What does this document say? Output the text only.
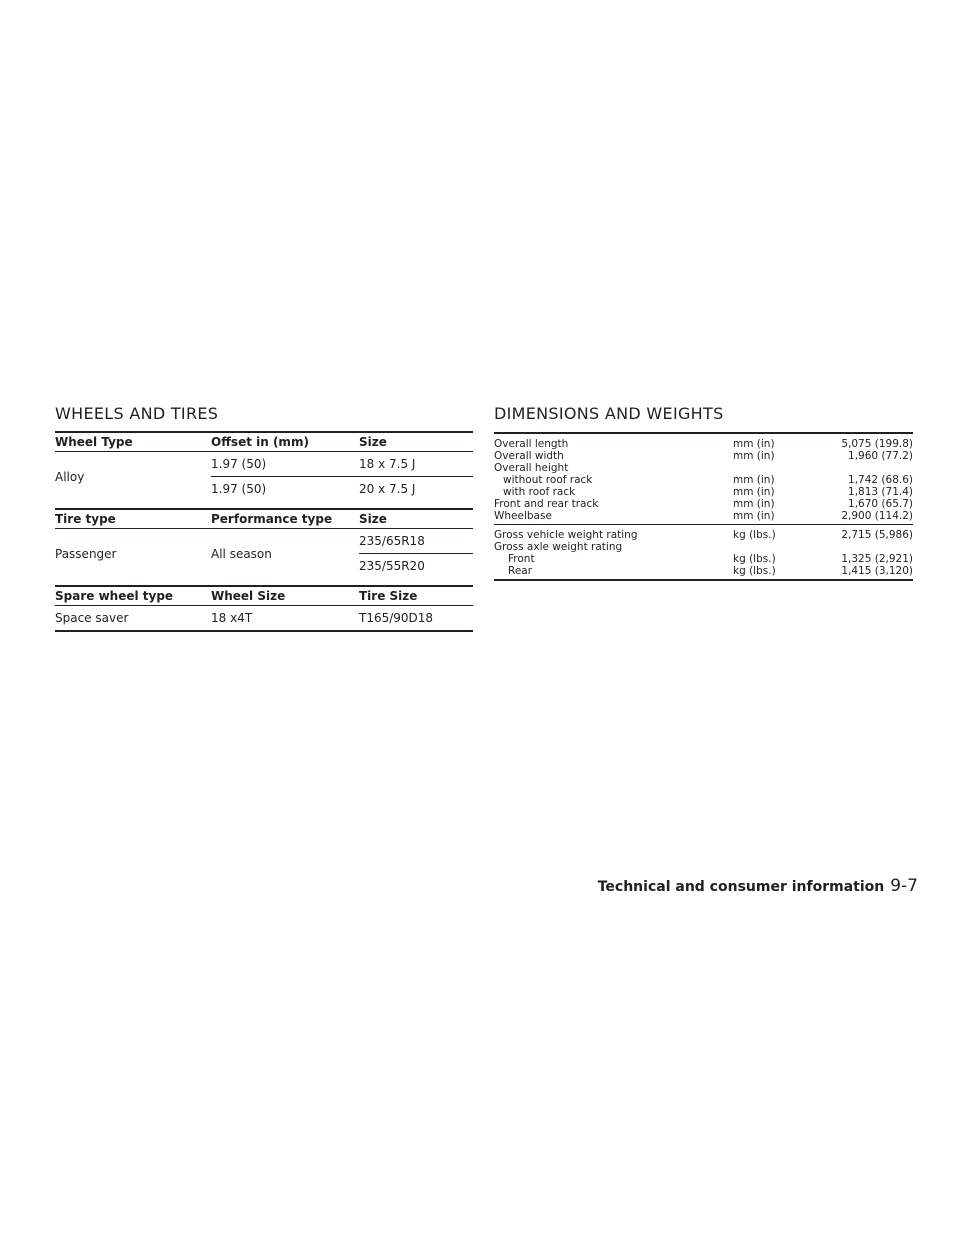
WHEELS AND TIRES	DIMENSIONS AND WEIGHTS
Wheel Type	Offset in (mm)	Size
Alloy	1.97 (50)	18 x 7.5 J
	1.97 (50)	20 x 7.5 J

Tire type	Performance type	Size
Passenger	All season	235/65R18
		235/55R20

Spare wheel type	Wheel Size	Tire Size
Space saver	18 x4T	T165/90D18
Overall length	mm (in)	5,075 (199.8)
Overall width	mm (in)	1,960 (77.2)
Overall height
without roof rack	mm (in)	1,742 (68.6)
with roof rack	mm (in)	1,813 (71.4)
Front and rear track	mm (in)	1,670 (65.7)
Wheelbase	mm (in)	2,900 (114.2)
Gross vehicle weight rating	kg (lbs.)	2,715 (5,986)
Gross axle weight rating
Front	kg (lbs.)	1,325 (2,921)
Rear	kg (lbs.)	1,415 (3,120)
Technical and consumer information 9-7
